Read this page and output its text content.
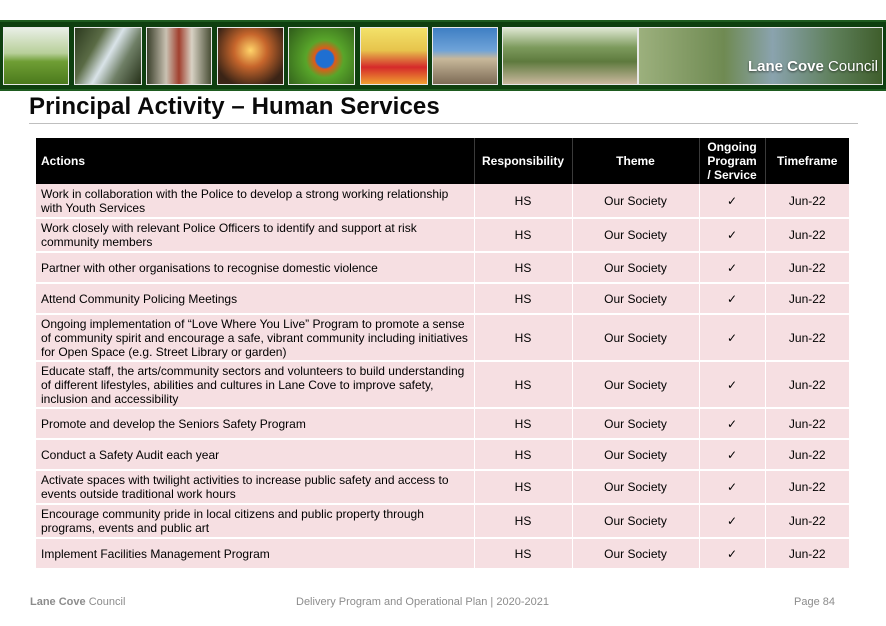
Lane Cove Council
Principal Activity – Human Services
Actions	Responsibility	Theme	Ongoing Program / Service	Timeframe
Work in collaboration with the Police to develop a strong working relationship with Youth Services	HS	Our Society	✓	Jun-22
Work closely with relevant Police Officers to identify and support at risk community members	HS	Our Society	✓	Jun-22
Partner with other organisations to recognise domestic violence	HS	Our Society	✓	Jun-22
Attend Community Policing Meetings	HS	Our Society	✓	Jun-22
Ongoing implementation of “Love Where You Live” Program to promote a sense of community spirit and encourage a safe, vibrant community including initiatives for Open Space (e.g. Street Library or garden)	HS	Our Society	✓	Jun-22
Educate staff, the arts/community sectors and volunteers to build understanding of different lifestyles, abilities and cultures in Lane Cove to improve safety, inclusion and accessibility	HS	Our Society	✓	Jun-22
Promote and develop the Seniors Safety Program	HS	Our Society	✓	Jun-22
Conduct a Safety Audit each year	HS	Our Society	✓	Jun-22
Activate spaces with twilight activities to increase public safety and access to events outside traditional work hours	HS	Our Society	✓	Jun-22
Encourage community pride in local citizens and public property through programs, events and public art	HS	Our Society	✓	Jun-22
Implement Facilities Management Program	HS	Our Society	✓	Jun-22
Lane Cove Council	Delivery Program and Operational Plan | 2020-2021	Page 84
